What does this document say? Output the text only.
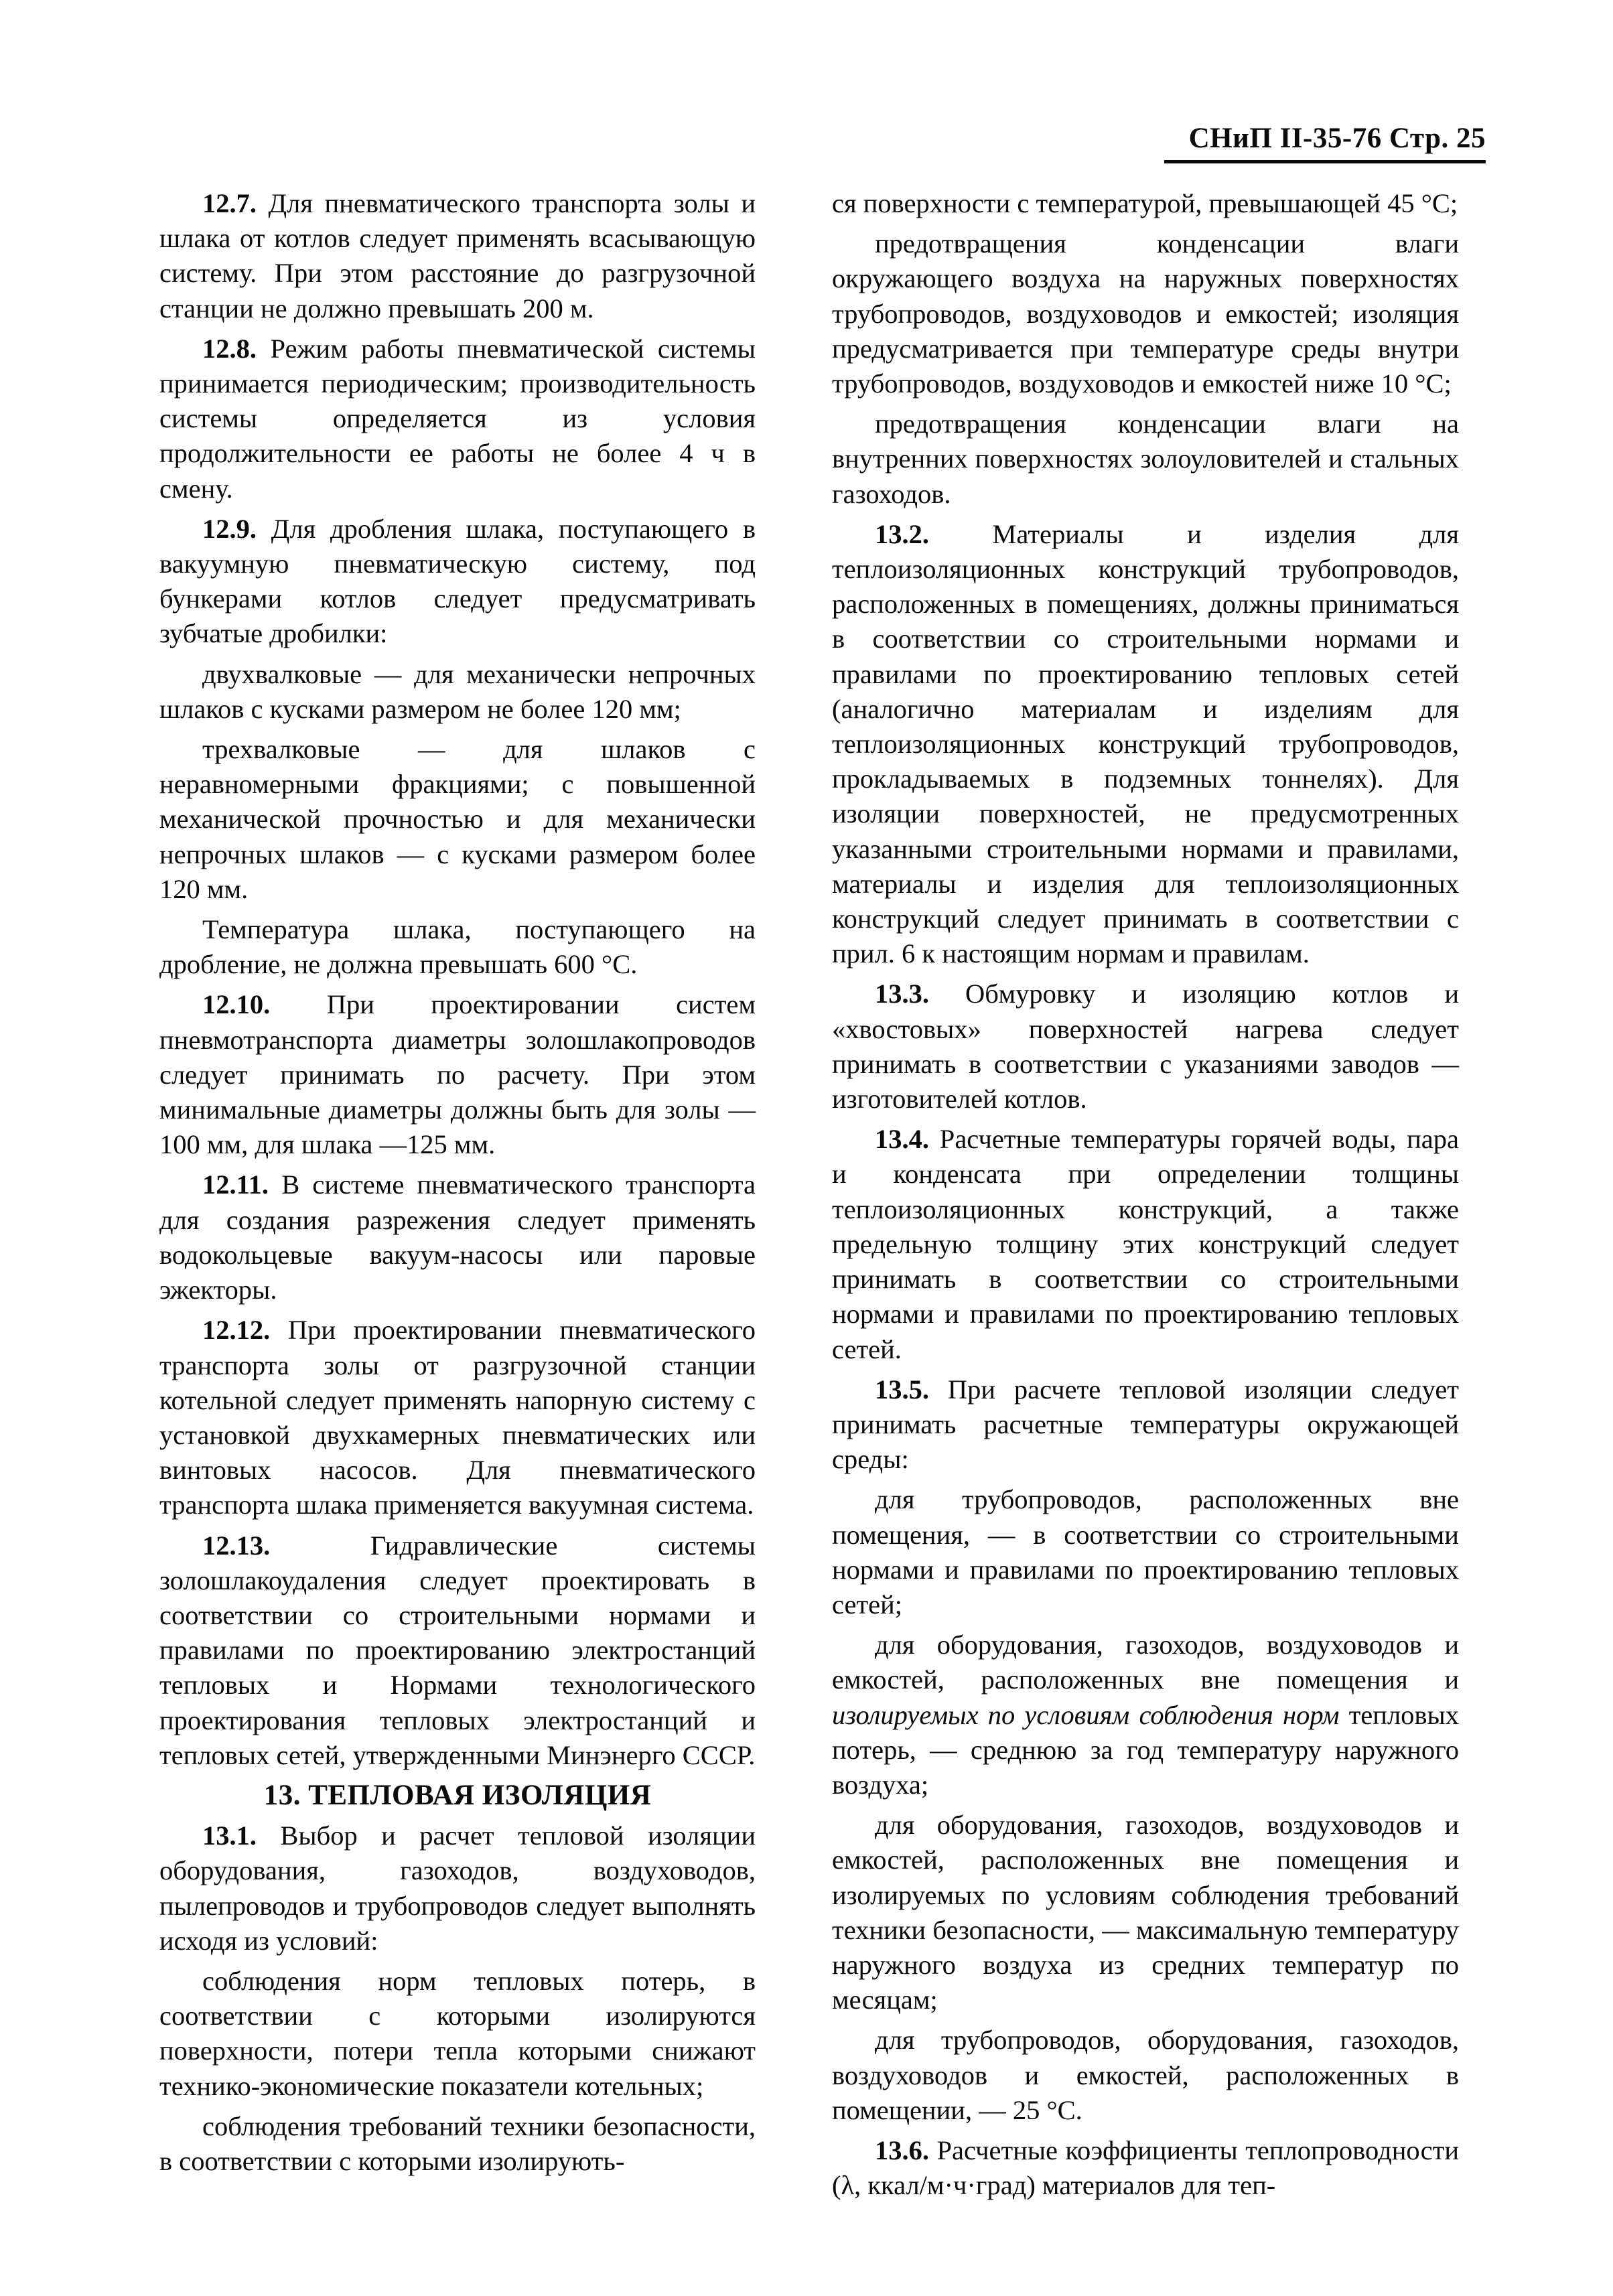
СНиП II-35-76 Стр. 25

12.7. Для пневматического транспорта золы и шлака от котлов следует применять всасывающую систему. При этом расстояние до разгрузочной станции не должно превышать 200 м.

12.8. Режим работы пневматической системы принимается периодическим; производительность системы определяется из условия продолжительности ее работы не более 4 ч в смену.

12.9. Для дробления шлака, поступающего в вакуумную пневматическую систему, под бункерами котлов следует предусматривать зубчатые дробилки:

двухвалковые — для механически непрочных шлаков с кусками размером не более 120 мм;

трехвалковые — для шлаков с неравномерными фракциями; с повышенной механической прочностью и для механически непрочных шлаков — с кусками размером более 120 мм.

Температура шлака, поступающего на дробление, не должна превышать 600 °С.

12.10. При проектировании систем пневмотранспорта диаметры золошлакопроводов следует принимать по расчету. При этом минимальные диаметры должны быть для золы — 100 мм, для шлака —125 мм.

12.11. В системе пневматического транспорта для создания разрежения следует применять водокольцевые вакуум-насосы или паровые эжекторы.

12.12. При проектировании пневматического транспорта золы от разгрузочной станции котельной следует применять напорную систему с установкой двухкамерных пневматических или винтовых насосов. Для пневматического транспорта шлака применяется вакуумная система.

12.13.	Гидравлические системы золошлакоудаления следует проектировать в соответствии со строительными нормами и правилами по проектированию электростанций тепловых и Нормами технологического проектирования тепловых электростанций и тепловых сетей, утвержденными Минэнерго СССР.

13. ТЕПЛОВАЯ ИЗОЛЯЦИЯ

13.1. Выбор и расчет тепловой изоляции оборудования, газоходов, воздуховодов, пылепроводов и трубопроводов следует выполнять исходя из условий:

соблюдения норм тепловых потерь, в соответствии с которыми изолируются поверхности, потери тепла которыми снижают технико-экономические показатели котельных;

соблюдения требований техники безопасности, в соответствии с которыми изолирують-

ся поверхности с температурой, превышающей 45 °С;

предотвращения конденсации влаги окружающего воздуха на наружных поверхностях трубопроводов, воздуховодов и емкостей; изоляция предусматривается при температуре среды внутри трубопроводов, воздуховодов и емкостей ниже 10 °С;

предотвращения конденсации влаги на внутренних поверхностях золоуловителей и стальных газоходов.

13.2. Материалы и изделия для теплоизоляционных конструкций трубопроводов, расположенных в помещениях, должны приниматься в соответствии со строительными нормами и правилами по проектированию тепловых сетей (аналогично материалам и изделиям для теплоизоляционных конструкций трубопроводов, прокладываемых в подземных тоннелях). Для изоляции поверхностей, не предусмотренных указанными строительными нормами и правилами, материалы и изделия для теплоизоляционных конструкций следует принимать в соответствии с прил. 6 к настоящим нормам и правилам.

13.3. Обмуровку и изоляцию котлов и «хвостовых» поверхностей нагрева следует принимать в соответствии с указаниями заводов —изготовителей котлов.

13.4. Расчетные температуры горячей воды, пара и конденсата при определении толщины теплоизоляционных конструкций, а также предельную толщину этих конструкций следует принимать в соответствии со строительными нормами и правилами по проектированию тепловых сетей.

13.5. При расчете тепловой изоляции следует принимать расчетные температуры окружающей среды:

для трубопроводов, расположенных вне помещения, — в соответствии со строительными нормами и правилами по проектированию тепловых сетей;

для оборудования, газоходов, воздуховодов и емкостей, расположенных вне помещения и изолируемых по условиям соблюдения норм тепловых потерь, — среднюю за год температуру наружного воздуха;

для оборудования, газоходов, воздуховодов и емкостей, расположенных вне помещения и изолируемых по условиям соблюдения требований техники безопасности, — максимальную температуру наружного воздуха из средних температур по месяцам;

для трубопроводов, оборудования, газоходов, воздуховодов и емкостей, расположенных в помещении, — 25 °С.

13.6. Расчетные коэффициенты теплопроводности (λ, ккал/м·ч·град) материалов для теп-
